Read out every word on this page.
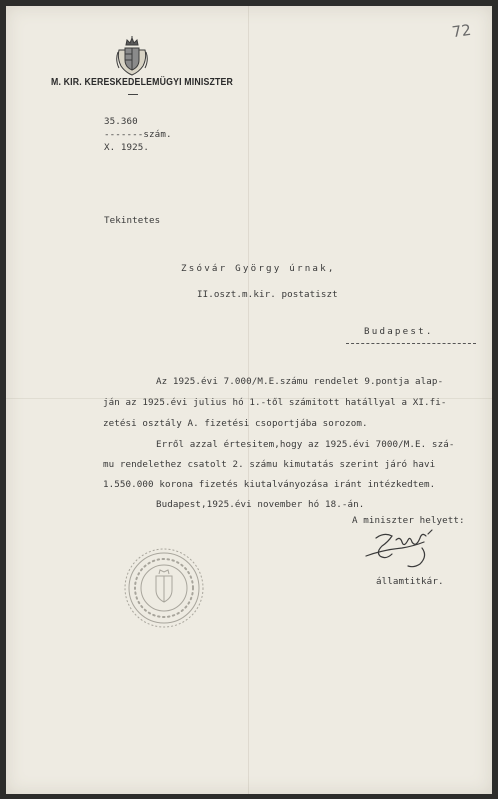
72
M. KIR. KERESKEDELEMÜGYI MINISZTER
35.360
-------szám.
X. 1925.
Tekintetes
Zsóvár György úrnak,
II.oszt.m.kir. postatiszt
Budapest.
Az 1925.évi 7.000/M.E.számu rendelet 9.pontja alap-
ján az 1925.évi julius hó 1.-től számitott hatállyal a XI.fi-
zetési osztály A. fizetési csoportjába sorozom.
Erről azzal értesitem,hogy az 1925.évi 7000/M.E. szá-
mu rendelethez csatolt 2. számu kimutatás szerint járó havi
1.550.000 korona fizetés kiutalványozása iránt intézkedtem.
Budapest,1925.évi november hó 18.-án.
A miniszter helyett:
államtitkár.
